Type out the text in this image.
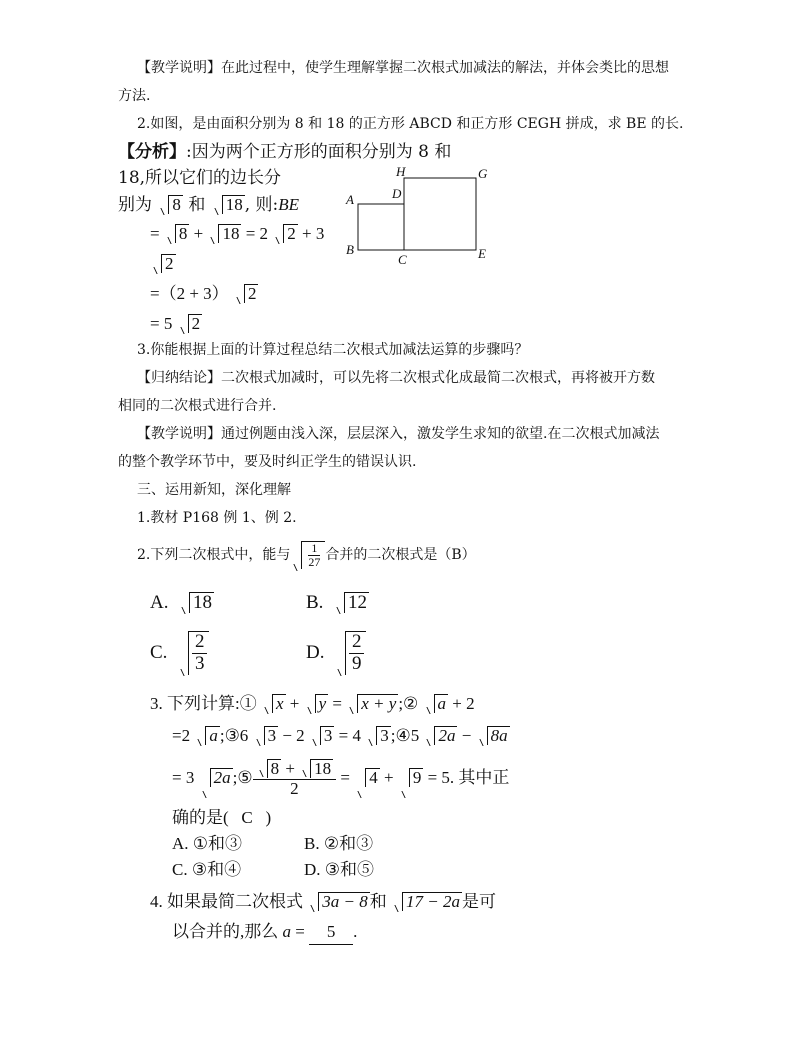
【教学说明】在此过程中，使学生理解掌握二次根式加减法的解法，并体会类比的思想
方法.
2.如图，是由面积分别为 8 和 18 的正方形 ABCD 和正方形 CEGH 拼成，求 BE 的长.
【分析】:因为两个正方形的面积分别为 8 和
18,所以它们的边长分
别为 8 和 18 , 则:BE
= 8 + 18 = 2 2 + 3
2
=（2 + 3） 2
= 5 2
H	G
D
A
B
C	E
3.你能根据上面的计算过程总结二次根式加减法运算的步骤吗？
【归纳结论】二次根式加减时，可以先将二次根式化成最简二次根式，再将被开方数
相同的二次根式进行合并.
【教学说明】通过例题由浅入深，层层深入，激发学生求知的欲望.在二次根式加减法
的整个教学环节中，要及时纠正学生的错误认识.
三、运用新知，深化理解
1.教材 P168 例 1、例 2.
2.下列二次根式中，能与 $\frac{1}{27}$ 合并的二次根式是（B）
A. 18	B. 12
C. $\frac{2}{3}$	D. $\frac{2}{9}$
3. 下列计算:① x + y = x + y ;② a + 2
=2 a ;③6 3 − 2 3 = 4 3 ;④5 2a − 8a
= 3 2a ;⑤ $\frac{8 + 18}{2} = 4 + 9 = 5$. 其中正
确的是( C )
A. ①和③	B. ②和③
C. ③和④	D. ③和⑤
4. 如果最简二次根式 3a − 8 和 17 − 2a 是可
以合并的,那么 a = 5 .
